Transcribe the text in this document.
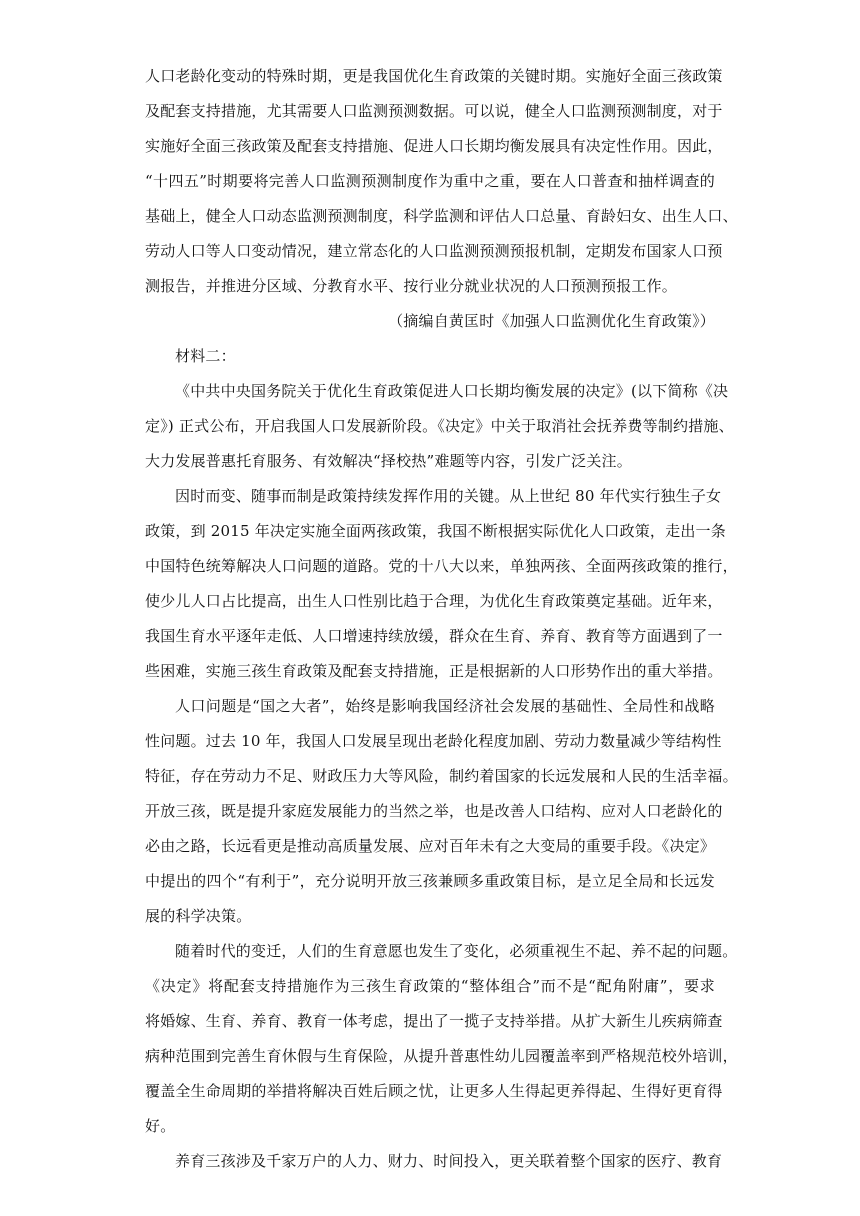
人口老龄化变动的特殊时期，更是我国优化生育政策的关键时期。实施好全面三孩政策
及配套支持措施，尤其需要人口监测预测数据。可以说，健全人口监测预测制度，对于
实施好全面三孩政策及配套支持措施、促进人口长期均衡发展具有决定性作用。因此，
“十四五”时期要将完善人口监测预测制度作为重中之重，要在人口普查和抽样调查的
基础上，健全人口动态监测预测制度，科学监测和评估人口总量、育龄妇女、出生人口、
劳动人口等人口变动情况，建立常态化的人口监测预测预报机制，定期发布国家人口预
测报告，并推进分区域、分教育水平、按行业分就业状况的人口预测预报工作。
（摘编自黄匡时《加强人口监测优化生育政策》）
材料二：
《中共中央国务院关于优化生育政策促进人口长期均衡发展的决定》(以下简称《决
定》) 正式公布，开启我国人口发展新阶段。《决定》中关于取消社会抚养费等制约措施、
大力发展普惠托育服务、有效解决“择校热”难题等内容，引发广泛关注。
因时而变、随事而制是政策持续发挥作用的关键。从上世纪 80 年代实行独生子女
政策，到 2015 年决定实施全面两孩政策，我国不断根据实际优化人口政策，走出一条
中国特色统筹解决人口问题的道路。党的十八大以来，单独两孩、全面两孩政策的推行，
使少儿人口占比提高，出生人口性别比趋于合理，为优化生育政策奠定基础。近年来，
我国生育水平逐年走低、人口增速持续放缓，群众在生育、养育、教育等方面遇到了一
些困难，实施三孩生育政策及配套支持措施，正是根据新的人口形势作出的重大举措。
人口问题是“国之大者”，始终是影响我国经济社会发展的基础性、全局性和战略
性问题。过去 10 年，我国人口发展呈现出老龄化程度加剧、劳动力数量减少等结构性
特征，存在劳动力不足、财政压力大等风险，制约着国家的长远发展和人民的生活幸福。
开放三孩，既是提升家庭发展能力的当然之举，也是改善人口结构、应对人口老龄化的
必由之路，长远看更是推动高质量发展、应对百年未有之大变局的重要手段。《决定》
中提出的四个“有利于”，充分说明开放三孩兼顾多重政策目标，是立足全局和长远发
展的科学决策。
随着时代的变迁，人们的生育意愿也发生了变化，必须重视生不起、养不起的问题。
《决定》将配套支持措施作为三孩生育政策的“整体组合”而不是“配角附庸”，要求
将婚嫁、生育、养育、教育一体考虑，提出了一揽子支持举措。从扩大新生儿疾病筛查
病种范围到完善生育休假与生育保险，从提升普惠性幼儿园覆盖率到严格规范校外培训，
覆盖全生命周期的举措将解决百姓后顾之忧，让更多人生得起更养得起、生得好更育得
好。
养育三孩涉及千家万户的人力、财力、时间投入，更关联着整个国家的医疗、教育
